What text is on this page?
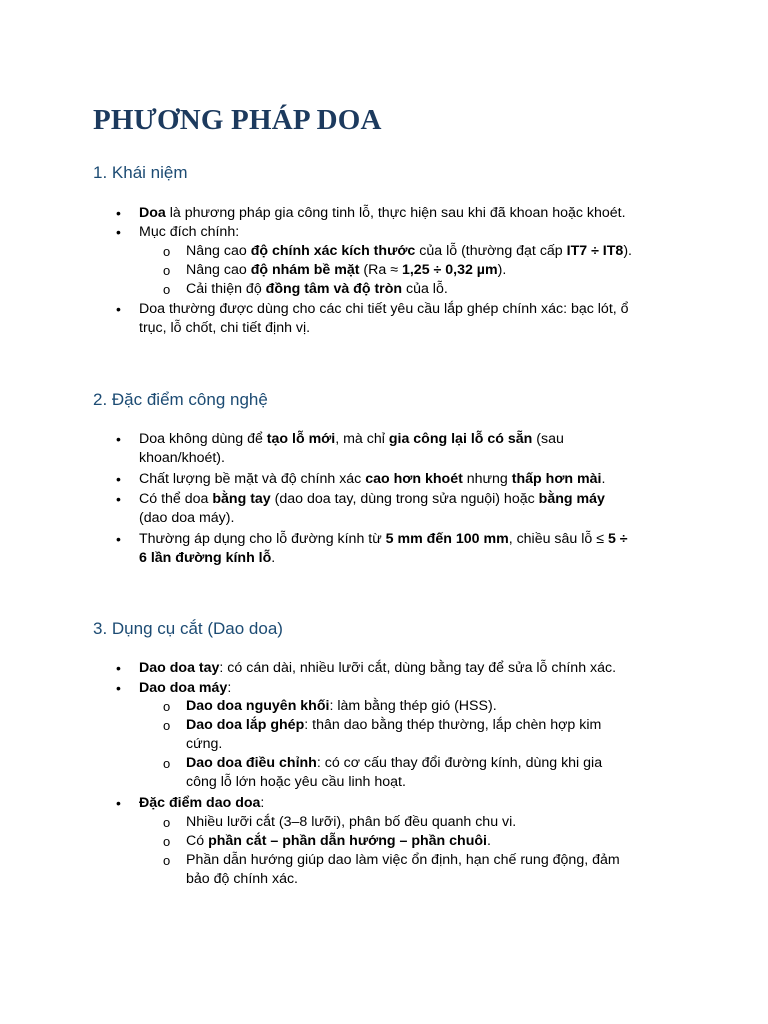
PHƯƠNG PHÁP DOA
1. Khái niệm
• Doa là phương pháp gia công tinh lỗ, thực hiện sau khi đã khoan hoặc khoét.
• Mục đích chính:
o Nâng cao độ chính xác kích thước của lỗ (thường đạt cấp IT7 ÷ IT8).
o Nâng cao độ nhám bề mặt (Ra ≈ 1,25 ÷ 0,32 µm).
o Cải thiện độ đồng tâm và độ tròn của lỗ.
• Doa thường được dùng cho các chi tiết yêu cầu lắp ghép chính xác: bạc lót, ổ
trục, lỗ chốt, chi tiết định vị.
2. Đặc điểm công nghệ
• Doa không dùng để tạo lỗ mới, mà chỉ gia công lại lỗ có sẵn (sau
khoan/khoét).
• Chất lượng bề mặt và độ chính xác cao hơn khoét nhưng thấp hơn mài.
• Có thể doa bằng tay (dao doa tay, dùng trong sửa nguội) hoặc bằng máy
(dao doa máy).
• Thường áp dụng cho lỗ đường kính từ 5 mm đến 100 mm, chiều sâu lỗ ≤ 5 ÷
6 lần đường kính lỗ.
3. Dụng cụ cắt (Dao doa)
• Dao doa tay: có cán dài, nhiều lưỡi cắt, dùng bằng tay để sửa lỗ chính xác.
• Dao doa máy:
o Dao doa nguyên khối: làm bằng thép gió (HSS).
o Dao doa lắp ghép: thân dao bằng thép thường, lắp chèn hợp kim
cứng.
o Dao doa điều chỉnh: có cơ cấu thay đổi đường kính, dùng khi gia
công lỗ lớn hoặc yêu cầu linh hoạt.
• Đặc điểm dao doa:
o Nhiều lưỡi cắt (3–8 lưỡi), phân bố đều quanh chu vi.
o Có phần cắt – phần dẫn hướng – phần chuôi.
o Phần dẫn hướng giúp dao làm việc ổn định, hạn chế rung động, đảm
bảo độ chính xác.
